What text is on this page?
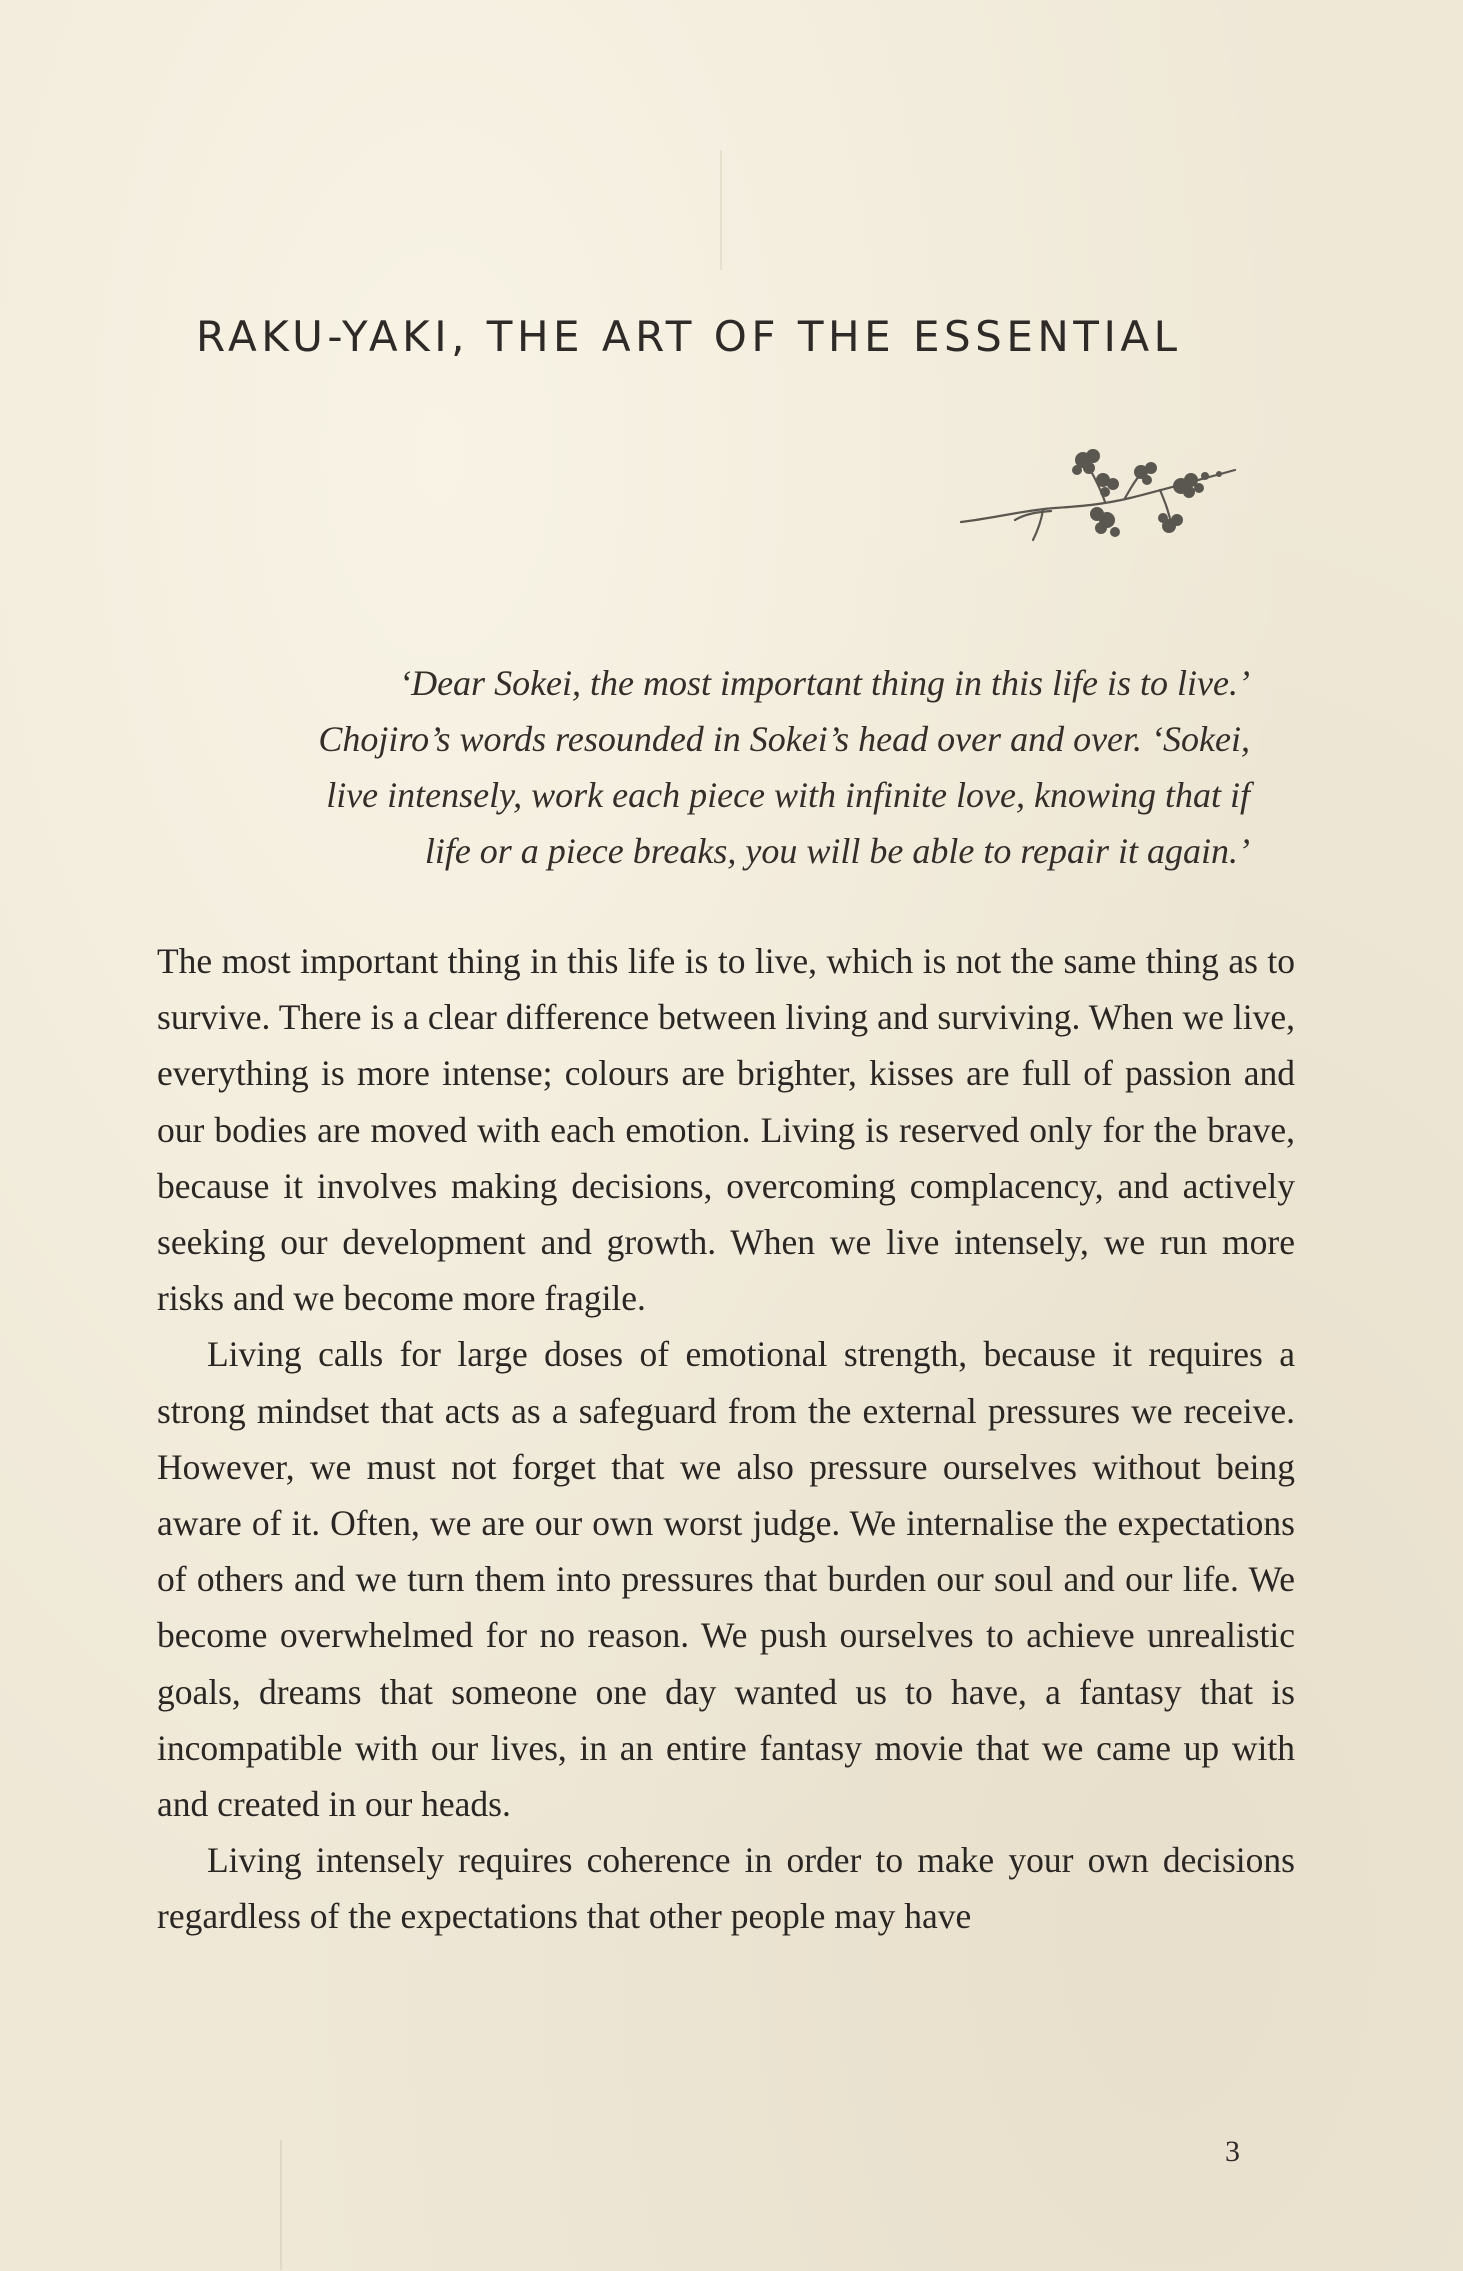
RAKU-YAKI, THE ART OF THE ESSENTIAL
‘Dear Sokei, the most important thing in this life is to live.’
Chojiro’s words resounded in Sokei’s head over and over. ‘Sokei,
live intensely, work each piece with infinite love, knowing that if
life or a piece breaks, you will be able to repair it again.’

The most important thing in this life is to live, which is not the same thing as to survive. There is a clear difference between living and surviving. When we live, everything is more intense; colours are brighter, kisses are full of passion and our bodies are moved with each emotion. Living is reserved only for the brave, because it involves making decisions, overcoming complacency, and actively seeking our development and growth. When we live intensely, we run more risks and we become more fragile.

Living calls for large doses of emotional strength, because it requires a strong mindset that acts as a safeguard from the external pressures we receive. However, we must not forget that we also pressure ourselves without being aware of it. Often, we are our own worst judge. We internalise the expectations of others and we turn them into pressures that burden our soul and our life. We become overwhelmed for no reason. We push ourselves to achieve unrealistic goals, dreams that someone one day wanted us to have, a fantasy that is incompatible with our lives, in an entire fantasy movie that we came up with and created in our heads.

Living intensely requires coherence in order to make your own decisions regardless of the expectations that other people may have

3
